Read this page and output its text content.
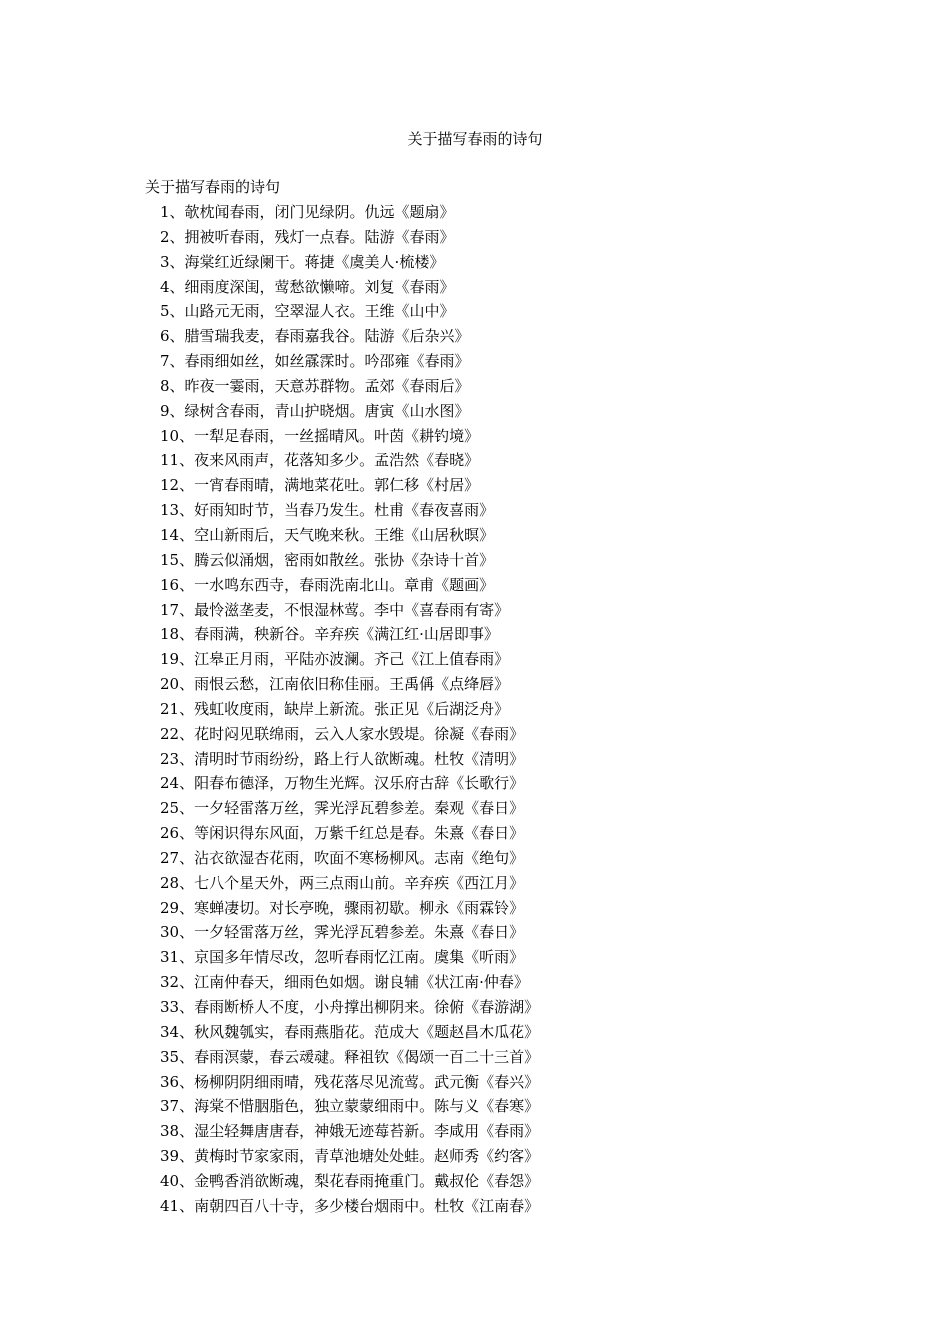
关于描写春雨的诗句
关于描写春雨的诗句
1、欹枕闻春雨，闭门见绿阴。仇远《题扇》
2、拥被听春雨，残灯一点春。陆游《春雨》
3、海棠红近绿阑干。蒋捷《虞美人·梳楼》
4、细雨度深闺，莺愁欲懒啼。刘复《春雨》
5、山路元无雨，空翠湿人衣。王维《山中》
6、腊雪瑞我麦，春雨嘉我谷。陆游《后杂兴》
7、春雨细如丝，如丝霡霂时。吟邵雍《春雨》
8、昨夜一霎雨，天意苏群物。孟郊《春雨后》
9、绿树含春雨，青山护晓烟。唐寅《山水图》
10、一犁足春雨，一丝摇晴风。叶茵《耕钓境》
11、夜来风雨声，花落知多少。孟浩然《春晓》
12、一宵春雨晴，满地菜花吐。郭仁移《村居》
13、好雨知时节，当春乃发生。杜甫《春夜喜雨》
14、空山新雨后，天气晚来秋。王维《山居秋暝》
15、腾云似涌烟，密雨如散丝。张协《杂诗十首》
16、一水鸣东西寺，春雨洗南北山。章甫《题画》
17、最怜滋垄麦，不恨湿林莺。李中《喜春雨有寄》
18、春雨满，秧新谷。辛弃疾《满江红·山居即事》
19、江皋正月雨，平陆亦波澜。齐己《江上值春雨》
20、雨恨云愁，江南依旧称佳丽。王禹偁《点绛唇》
21、残虹收度雨，缺岸上新流。张正见《后湖泛舟》
22、花时闷见联绵雨，云入人家水毁堤。徐凝《春雨》
23、清明时节雨纷纷，路上行人欲断魂。杜牧《清明》
24、阳春布德泽，万物生光辉。汉乐府古辞《长歌行》
25、一夕轻雷落万丝，霁光浮瓦碧参差。秦观《春日》
26、等闲识得东风面，万紫千红总是春。朱熹《春日》
27、沾衣欲湿杏花雨，吹面不寒杨柳风。志南《绝句》
28、七八个星天外，两三点雨山前。辛弃疾《西江月》
29、寒蝉凄切。对长亭晚，骤雨初歇。柳永《雨霖铃》
30、一夕轻雷落万丝，霁光浮瓦碧参差。朱熹《春日》
31、京国多年情尽改，忽听春雨忆江南。虞集《听雨》
32、江南仲春天，细雨色如烟。谢良辅《状江南·仲春》
33、春雨断桥人不度，小舟撑出柳阴来。徐俯《春游湖》
34、秋风魏瓠实，春雨燕脂花。范成大《题赵昌木瓜花》
35、春雨溟蒙，春云叆叇。释祖钦《偈颂一百二十三首》
36、杨柳阴阴细雨晴，残花落尽见流莺。武元衡《春兴》
37、海棠不惜胭脂色，独立蒙蒙细雨中。陈与义《春寒》
38、湿尘轻舞唐唐春，神娥无迹莓苔新。李咸用《春雨》
39、黄梅时节家家雨，青草池塘处处蛙。赵师秀《约客》
40、金鸭香消欲断魂，梨花春雨掩重门。戴叔伦《春怨》
41、南朝四百八十寺，多少楼台烟雨中。杜牧《江南春》
